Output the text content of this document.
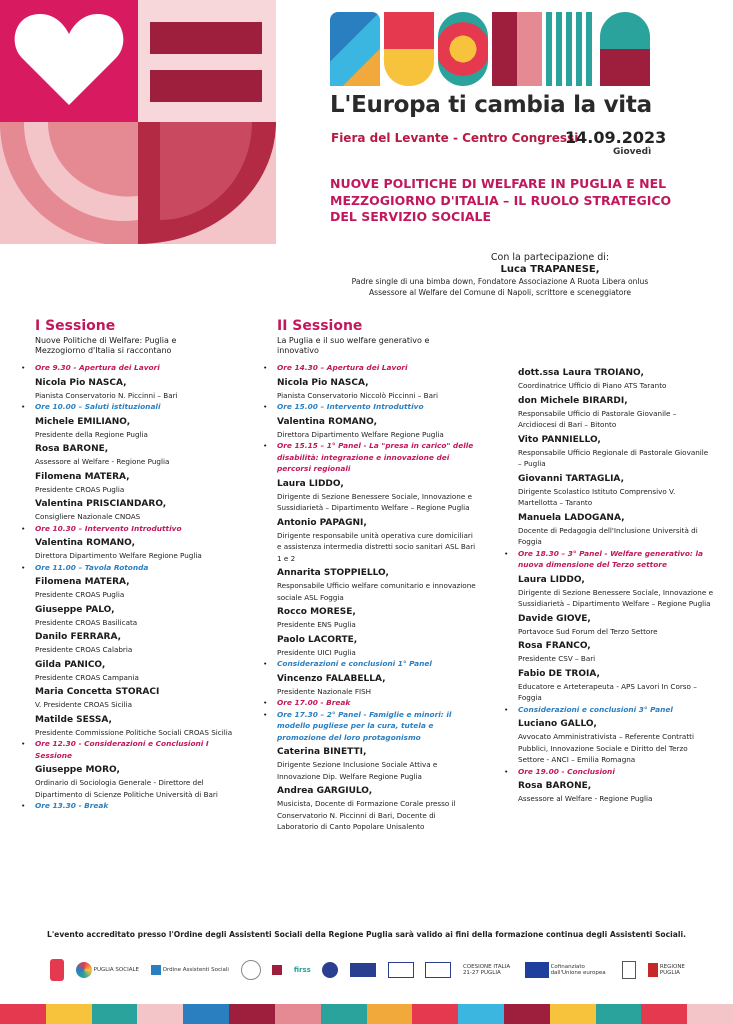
L'Europa ti cambia la vita
Fiera del Levante - Centro Congressi
14.09.2023
Giovedì
NUOVE POLITICHE DI WELFARE IN PUGLIA E NEL MEZZOGIORNO D'ITALIA – IL RUOLO STRATEGICO DEL SERVIZIO SOCIALE
Con la partecipazione di:
Luca TRAPANESE,
Padre single di una bimba down, Fondatore Associazione A Ruota Libera onlus
Assessore al Welfare del Comune di Napoli, scrittore e sceneggiatore
I Sessione
Nuove Politiche di Welfare: Puglia e Mezzogiorno d'Italia si raccontano
• Ore 9.30 - Apertura dei Lavori
Nicola Pio NASCA,
Pianista Conservatorio N. Piccinni – Bari
• Ore 10.00 – Saluti istituzionali
Michele EMILIANO,
Presidente della Regione Puglia
Rosa BARONE,
Assessore al Welfare - Regione Puglia
Filomena MATERA,
Presidente CROAS Puglia
Valentina PRISCIANDARO,
Consigliere Nazionale CNOAS
• Ore 10.30 – Intervento Introduttivo
Valentina ROMANO,
Direttora Dipartimento Welfare Regione Puglia
• Ore 11.00 – Tavola Rotonda
Filomena MATERA,
Presidente CROAS Puglia
Giuseppe PALO,
Presidente CROAS Basilicata
Danilo FERRARA,
Presidente CROAS Calabria
Gilda PANICO,
Presidente CROAS Campania
Maria Concetta STORACI
V. Presidente CROAS Sicilia
Matilde SESSA,
Presidente Commissione Politiche Sociali CROAS Sicilia
• Ore 12.30 - Considerazioni e Conclusioni I Sessione
Giuseppe MORO,
Ordinario di Sociologia Generale - Direttore del Dipartimento di Scienze Politiche Università di Bari
• Ore 13.30 - Break
II Sessione
La Puglia e il suo welfare generativo e innovativo
• Ore 14.30 – Apertura dei Lavori
Nicola Pio NASCA,
Pianista Conservatorio Niccolò Piccinni – Bari
• Ore 15.00 – Intervento Introduttivo
Valentina ROMANO,
Direttora Dipartimento Welfare Regione Puglia
• Ore 15.15 – 1° Panel - La "presa in carico" delle disabilità: integrazione e innovazione dei percorsi regionali
Laura LIDDO,
Dirigente di Sezione Benessere Sociale, Innovazione e Sussidiarietà – Dipartimento Welfare – Regione Puglia
Antonio PAPAGNI,
Dirigente responsabile unità operativa cure domiciliari e assistenza intermedia distretti socio sanitari ASL Bari 1 e 2
Annarita STOPPIELLO,
Responsabile Ufficio welfare comunitario e innovazione sociale ASL Foggia
Rocco MORESE,
Presidente ENS Puglia
Paolo LACORTE,
Presidente UICI Puglia
• Considerazioni e conclusioni 1° Panel
Vincenzo FALABELLA,
Presidente Nazionale FISH
• Ore 17.00 - Break
• Ore 17.30 – 2° Panel - Famiglie e minori: il modello pugliese per la cura, tutela e promozione del loro protagonismo
Caterina BINETTI,
Dirigente Sezione Inclusione Sociale Attiva e Innovazione Dip. Welfare Regione Puglia
Andrea GARGIULO,
Musicista, Docente di Formazione Corale presso il Conservatorio N. Piccinni di Bari, Docente di Laboratorio di Canto Popolare Unisalento
dott.ssa Laura TROIANO,
Coordinatrice Ufficio di Piano ATS Taranto
don Michele BIRARDI,
Responsabile Ufficio di Pastorale Giovanile – Arcidiocesi di Bari – Bitonto
Vito PANNIELLO,
Responsabile Ufficio Regionale di Pastorale Giovanile – Puglia
Giovanni TARTAGLIA,
Dirigente Scolastico Istituto Comprensivo V. Martellotta – Taranto
Manuela LADOGANA,
Docente di Pedagogia dell'Inclusione Università di Foggia
• Ore 18.30 – 3° Panel - Welfare generativo: la nuova dimensione del Terzo settore
Laura LIDDO,
Dirigente di Sezione Benessere Sociale, Innovazione e Sussidiarietà – Dipartimento Welfare – Regione Puglia
Davide GIOVE,
Portavoce Sud Forum del Terzo Settore
Rosa FRANCO,
Presidente CSV – Bari
Fabio DE TROIA,
Educatore e Arteterapeuta - APS Lavori In Corso – Foggia
• Considerazioni e conclusioni 3° Panel
Luciano GALLO,
Avvocato Amministrativista – Referente Contratti Pubblici, Innovazione Sociale e Diritto del Terzo Settore - ANCI – Emilia Romagna
• Ore 19.00 - Conclusioni
Rosa BARONE,
Assessore al Welfare - Regione Puglia
L'evento accreditato presso l'Ordine degli Assistenti Sociali della Regione Puglia sarà valido ai fini della formazione continua degli Assistenti Sociali.
PUGLIA SOCIALE	Ordine Assistenti Sociali	firss	COESIONE ITALIA 21-27 PUGLIA
Cofinanziato dall'Unione europea
REGIONE PUGLIA
